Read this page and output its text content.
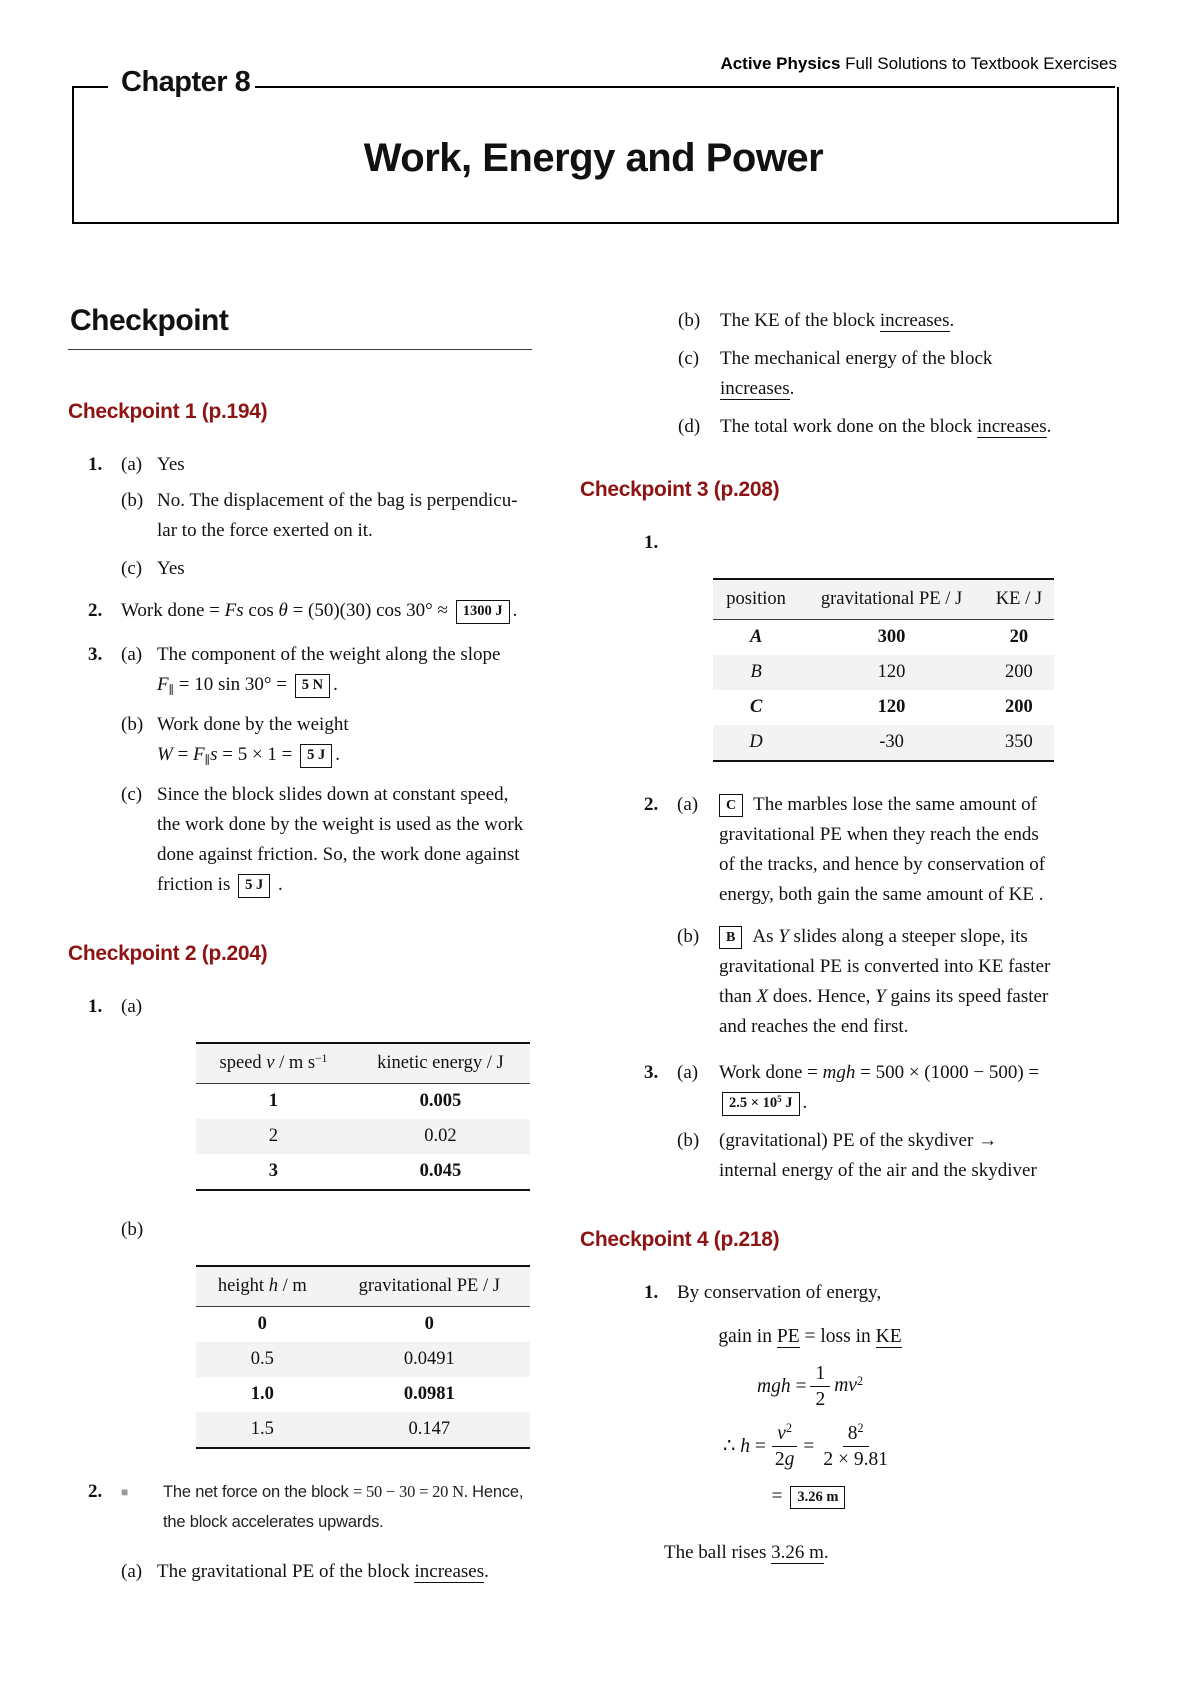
Active Physics Full Solutions to Textbook Exercises
Chapter 8
Work, Energy and Power
Checkpoint
Checkpoint 1 (p.194)
1. (a) Yes
(b) No. The displacement of the bag is perpendicu-
lar to the force exerted on it.
(c) Yes
2. Work done = Fs cos θ = (50)(30) cos 30° ≈ 1300 J .
3. (a) The component of the weight along the slope
F∥ = 10 sin 30° = 5 N .
(b) Work done by the weight
W = F∥s = 5 × 1 = 5 J .
(c) Since the block slides down at constant speed, the work done by the weight is used as the work done against friction. So, the work done against friction is 5 J .
Checkpoint 2 (p.204)
1. (a)
speed v / m $s^{-1}$	kinetic energy / J
1	0.005
2	0.02
3	0.045
(b)
height h / m	gravitational PE / J
0	0
0.5	0.0491
1.0	0.0981
1.5	0.147
2.	■	The net force on the block = 50 − 30 = 20 N. Hence, the block accelerates upwards.
(a) The gravitational PE of the block increases.
(b)	The KE of the block increases.
(c)	The mechanical energy of the block increases.
(d)	The total work done on the block increases.
Checkpoint 3 (p.208)
1.
position	gravitational PE / J	KE / J
A	300	20
B	120	200
C	120	200
D	-30	350
2. (a)	C The marbles lose the same amount of gravitational PE when they reach the ends of the tracks, and hence by conservation of energy, both gain the same amount of KE .
(b)	B As Y slides along a steeper slope, its gravitational PE is converted into KE faster than X does. Hence, Y gains its speed faster and reaches the end first.
3. (a)	Work done = mgh = 500 × (1000 − 500) =
$2.5 \times 10^5$ J .
(b)	(gravitational) PE of the skydiver → internal energy of the air and the skydiver
Checkpoint 4 (p.218)
1. By conservation of energy,
gain in PE = loss in KE
mgh = $\frac{1}{2} mv^2$
∴ $h = \frac{v^2}{2g} = \frac{8^2}{2 \times 9.81}$
= 3.26 m
The ball rises 3.26 m.
